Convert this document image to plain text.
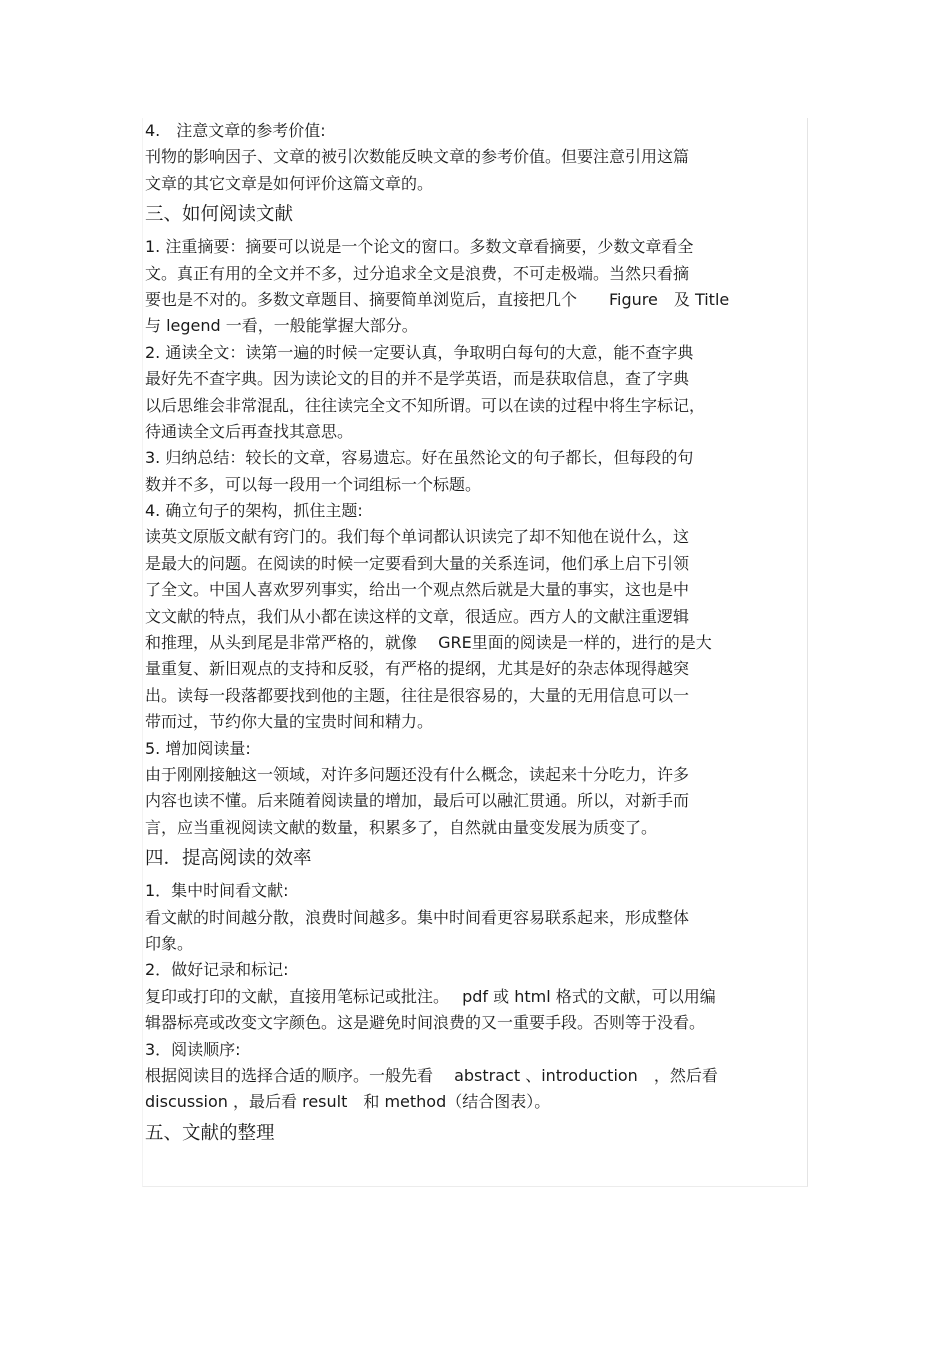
4.　注意文章的参考价值:
刊物的影响因子、文章的被引次数能反映文章的参考价值。但要注意引用这篇
文章的其它文章是如何评价这篇文章的。
三、如何阅读文献
1. 注重摘要：摘要可以说是一个论文的窗口。多数文章看摘要，少数文章看全
文。真正有用的全文并不多，过分追求全文是浪费，不可走极端。当然只看摘
要也是不对的。多数文章题目、摘要简单浏览后，直接把几个　　Figure　及 Title
与 legend 一看，一般能掌握大部分。
2. 通读全文：读第一遍的时候一定要认真，争取明白每句的大意，能不查字典
最好先不查字典。因为读论文的目的并不是学英语，而是获取信息，查了字典
以后思维会非常混乱，往往读完全文不知所谓。可以在读的过程中将生字标记，
待通读全文后再查找其意思。
3. 归纳总结：较长的文章，容易遗忘。好在虽然论文的句子都长，但每段的句
数并不多，可以每一段用一个词组标一个标题。
4. 确立句子的架构，抓住主题:
读英文原版文献有窍门的。我们每个单词都认识读完了却不知他在说什么，这
是最大的问题。在阅读的时候一定要看到大量的关系连词，他们承上启下引领
了全文。中国人喜欢罗列事实，给出一个观点然后就是大量的事实，这也是中
文文献的特点，我们从小都在读这样的文章，很适应。西方人的文献注重逻辑
和推理，从头到尾是非常严格的，就像　 GRE里面的阅读是一样的，进行的是大
量重复、新旧观点的支持和反驳，有严格的提纲，尤其是好的杂志体现得越突
出。读每一段落都要找到他的主题，往往是很容易的，大量的无用信息可以一
带而过，节约你大量的宝贵时间和精力。
5. 增加阅读量:
由于刚刚接触这一领域，对许多问题还没有什么概念，读起来十分吃力，许多
内容也读不懂。后来随着阅读量的增加，最后可以融汇贯通。所以，对新手而
言，应当重视阅读文献的数量，积累多了，自然就由量变发展为质变了。
四．提高阅读的效率
1．集中时间看文献:
看文献的时间越分散，浪费时间越多。集中时间看更容易联系起来，形成整体
印象。
2．做好记录和标记:
复印或打印的文献，直接用笔标记或批注。　 pdf 或 html 格式的文献，可以用编
辑器标亮或改变文字颜色。这是避免时间浪费的又一重要手段。否则等于没看。
3．阅读顺序:
根据阅读目的选择合适的顺序。一般先看　 abstract 、introduction　，然后看
discussion ，最后看 result　和 method（结合图表）。
五、文献的整理
